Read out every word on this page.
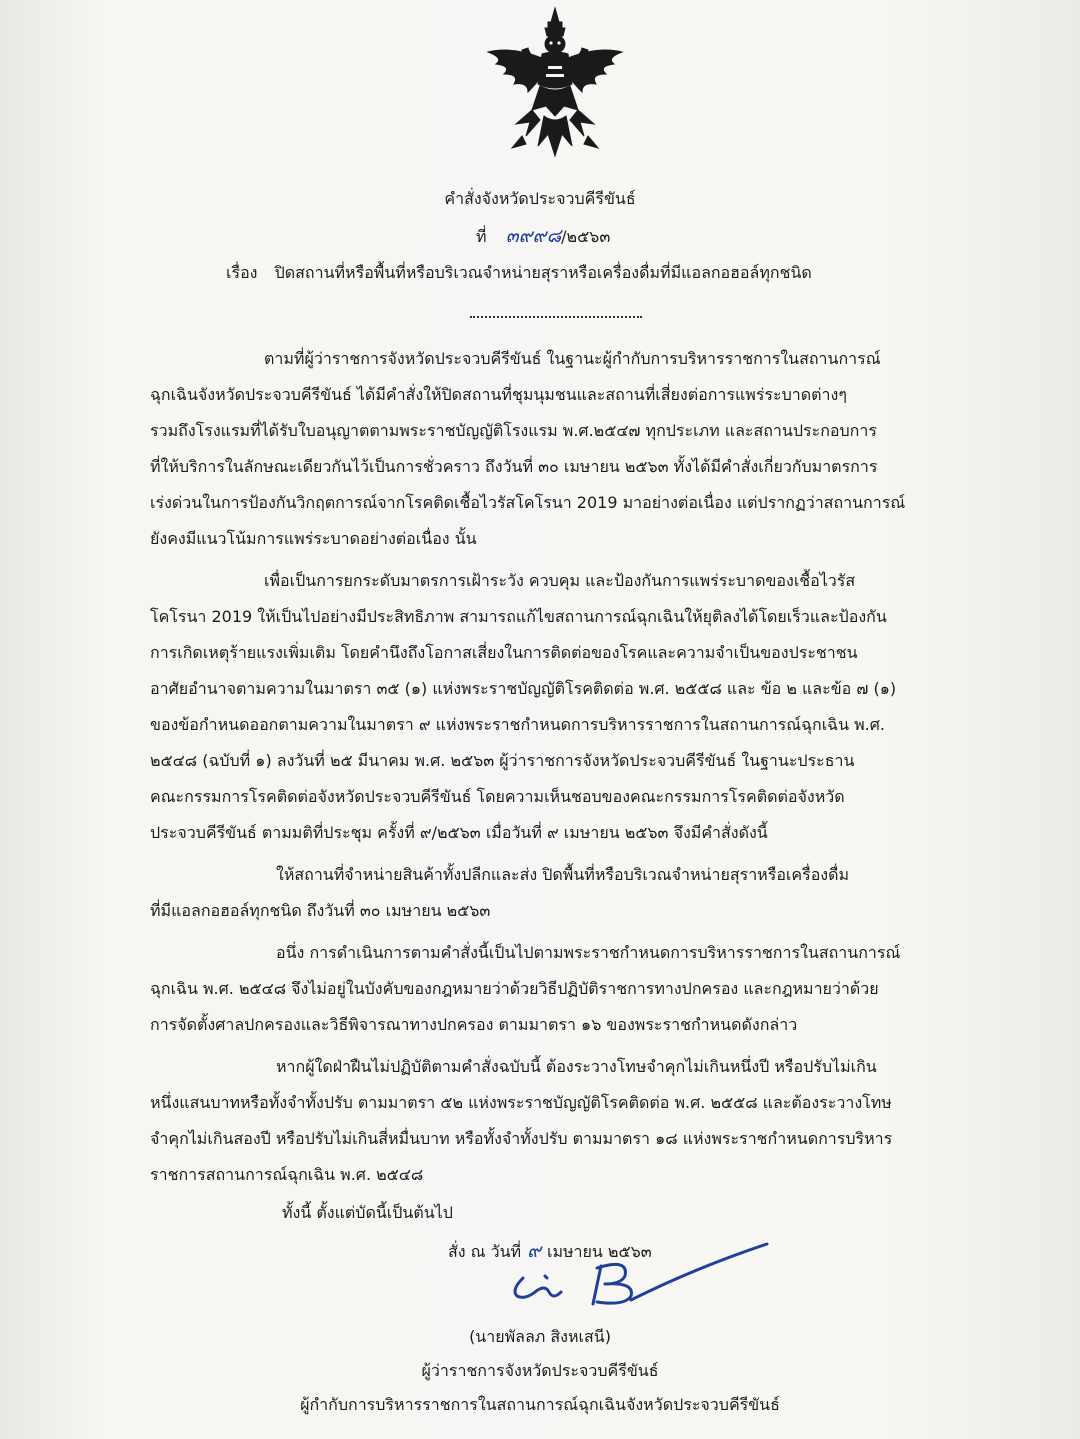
คำสั่งจังหวัดประจวบคีรีขันธ์
ที่ ๓๙๙๘/๒๕๖๓
เรื่อง ปิดสถานที่หรือพื้นที่หรือบริเวณจำหน่ายสุราหรือเครื่องดื่มที่มีแอลกอฮอล์ทุกชนิด
ตามที่ผู้ว่าราชการจังหวัดประจวบคีรีขันธ์ ในฐานะผู้กำกับการบริหารราชการในสถานการณ์
ฉุกเฉินจังหวัดประจวบคีรีขันธ์ ได้มีคำสั่งให้ปิดสถานที่ชุมนุมชนและสถานที่เสี่ยงต่อการแพร่ระบาดต่างๆ
รวมถึงโรงแรมที่ได้รับใบอนุญาตตามพระราชบัญญัติโรงแรม พ.ศ.๒๕๔๗ ทุกประเภท และสถานประกอบการ
ที่ให้บริการในลักษณะเดียวกันไว้เป็นการชั่วคราว ถึงวันที่ ๓๐ เมษายน ๒๕๖๓ ทั้งได้มีคำสั่งเกี่ยวกับมาตรการ
เร่งด่วนในการป้องกันวิกฤตการณ์จากโรคติดเชื้อไวรัสโคโรนา 2019 มาอย่างต่อเนื่อง แต่ปรากฏว่าสถานการณ์
ยังคงมีแนวโน้มการแพร่ระบาดอย่างต่อเนื่อง นั้น
เพื่อเป็นการยกระดับมาตรการเฝ้าระวัง ควบคุม และป้องกันการแพร่ระบาดของเชื้อไวรัส
โคโรนา 2019 ให้เป็นไปอย่างมีประสิทธิภาพ สามารถแก้ไขสถานการณ์ฉุกเฉินให้ยุติลงได้โดยเร็วและป้องกัน
การเกิดเหตุร้ายแรงเพิ่มเติม โดยคำนึงถึงโอกาสเสี่ยงในการติดต่อของโรคและความจำเป็นของประชาชน
อาศัยอำนาจตามความในมาตรา ๓๕ (๑) แห่งพระราชบัญญัติโรคติดต่อ พ.ศ. ๒๕๕๘ และ ข้อ ๒ และข้อ ๗ (๑)
ของข้อกำหนดออกตามความในมาตรา ๙ แห่งพระราชกำหนดการบริหารราชการในสถานการณ์ฉุกเฉิน พ.ศ.
๒๕๔๘ (ฉบับที่ ๑) ลงวันที่ ๒๕ มีนาคม พ.ศ. ๒๕๖๓ ผู้ว่าราชการจังหวัดประจวบคีรีขันธ์ ในฐานะประธาน
คณะกรรมการโรคติดต่อจังหวัดประจวบคีรีขันธ์ โดยความเห็นชอบของคณะกรรมการโรคติดต่อจังหวัด
ประจวบคีรีขันธ์ ตามมติที่ประชุม ครั้งที่ ๙/๒๕๖๓ เมื่อวันที่ ๙ เมษายน ๒๕๖๓ จึงมีคำสั่งดังนี้
ให้สถานที่จำหน่ายสินค้าทั้งปลีกและส่ง ปิดพื้นที่หรือบริเวณจำหน่ายสุราหรือเครื่องดื่ม
ที่มีแอลกอฮอล์ทุกชนิด ถึงวันที่ ๓๐ เมษายน ๒๕๖๓
อนึ่ง การดำเนินการตามคำสั่งนี้เป็นไปตามพระราชกำหนดการบริหารราชการในสถานการณ์
ฉุกเฉิน พ.ศ. ๒๕๔๘ จึงไม่อยู่ในบังคับของกฎหมายว่าด้วยวิธีปฏิบัติราชการทางปกครอง และกฎหมายว่าด้วย
การจัดตั้งศาลปกครองและวิธีพิจารณาทางปกครอง ตามมาตรา ๑๖ ของพระราชกำหนดดังกล่าว
หากผู้ใดฝ่าฝืนไม่ปฏิบัติตามคำสั่งฉบับนี้ ต้องระวางโทษจำคุกไม่เกินหนึ่งปี หรือปรับไม่เกิน
หนึ่งแสนบาทหรือทั้งจำทั้งปรับ ตามมาตรา ๕๒ แห่งพระราชบัญญัติโรคติดต่อ พ.ศ. ๒๕๕๘ และต้องระวางโทษ
จำคุกไม่เกินสองปี หรือปรับไม่เกินสี่หมื่นบาท หรือทั้งจำทั้งปรับ ตามมาตรา ๑๘ แห่งพระราชกำหนดการบริหาร
ราชการสถานการณ์ฉุกเฉิน พ.ศ. ๒๕๔๘
ทั้งนี้ ตั้งแต่บัดนี้เป็นต้นไป
สั่ง ณ วันที่ ๙ เมษายน ๒๕๖๓
(นายพัลลภ สิงหเสนี)
ผู้ว่าราชการจังหวัดประจวบคีรีขันธ์
ผู้กำกับการบริหารราชการในสถานการณ์ฉุกเฉินจังหวัดประจวบคีรีขันธ์
